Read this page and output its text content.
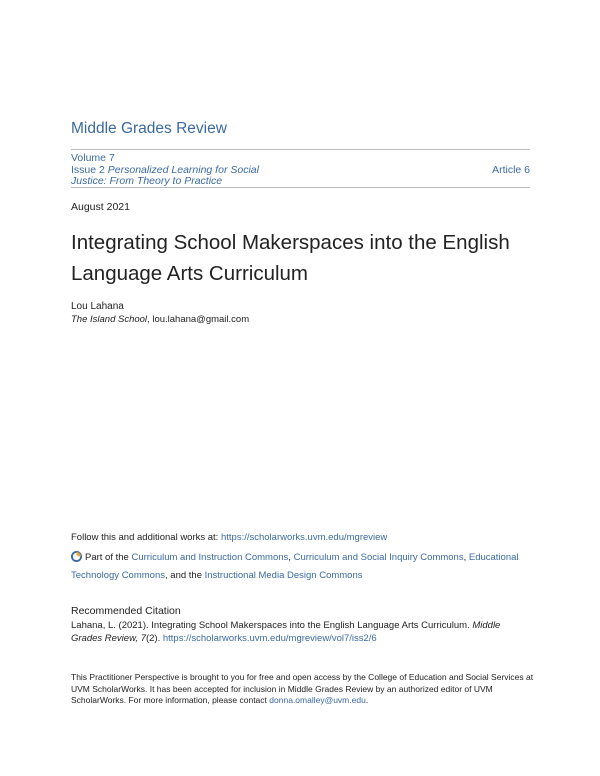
Middle Grades Review
Volume 7
Issue 2 Personalized Learning for Social Justice: From Theory to Practice
Article 6
August 2021
Integrating School Makerspaces into the English Language Arts Curriculum
Lou Lahana
The Island School, lou.lahana@gmail.com
Follow this and additional works at: https://scholarworks.uvm.edu/mgreview
Part of the Curriculum and Instruction Commons, Curriculum and Social Inquiry Commons, Educational Technology Commons, and the Instructional Media Design Commons
Recommended Citation
Lahana, L. (2021). Integrating School Makerspaces into the English Language Arts Curriculum. Middle Grades Review, 7(2). https://scholarworks.uvm.edu/mgreview/vol7/iss2/6
This Practitioner Perspective is brought to you for free and open access by the College of Education and Social Services at UVM ScholarWorks. It has been accepted for inclusion in Middle Grades Review by an authorized editor of UVM ScholarWorks. For more information, please contact donna.omalley@uvm.edu.
